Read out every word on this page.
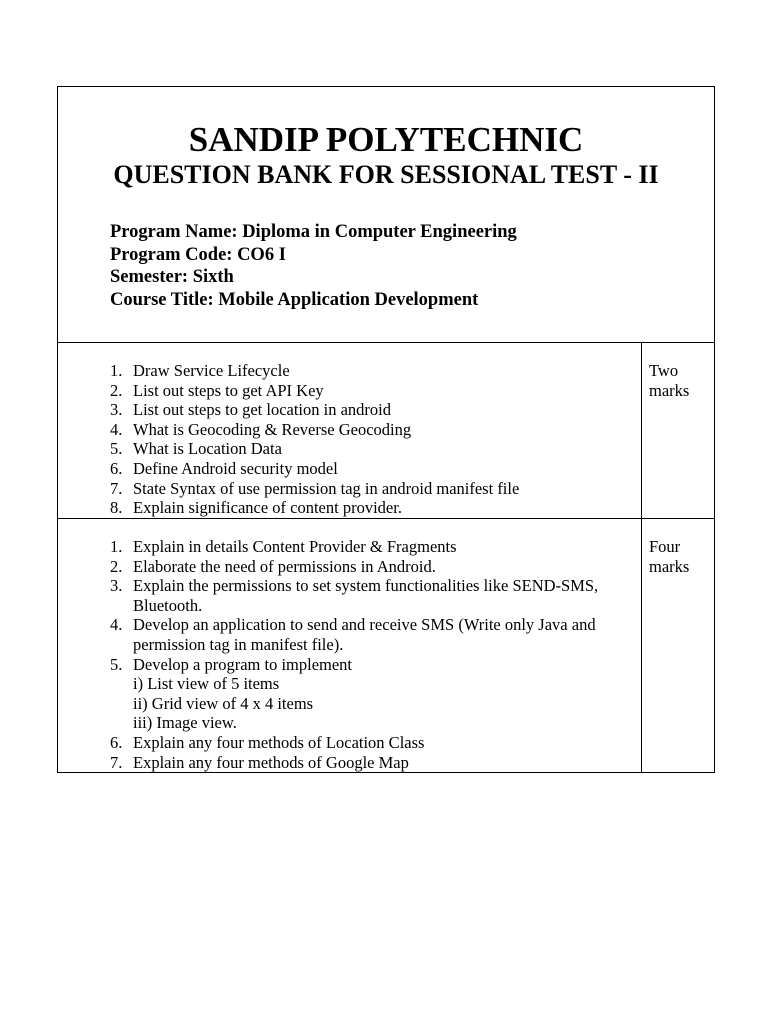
SANDIP POLYTECHNIC
QUESTION BANK FOR SESSIONAL TEST - II
Program Name: Diploma in Computer Engineering
Program Code: CO6 I
Semester: Sixth
Course Title: Mobile Application Development
1. Draw Service Lifecycle
2. List out steps to get API Key
3. List out steps to get location in android
4. What is Geocoding & Reverse Geocoding
5. What is Location Data
6. Define Android security model
7. State Syntax of use permission tag in android manifest file
8. Explain significance of content provider.

Two
marks

1. Explain in details Content Provider & Fragments
2. Elaborate the need of permissions in Android.
3. Explain the permissions to set system functionalities like SEND-SMS, Bluetooth.
4. Develop an application to send and receive SMS (Write only Java and permission tag in manifest file).
5. Develop a program to implement
i) List view of 5 items
ii) Grid view of 4 x 4 items
iii) Image view.
6. Explain any four methods of Location Class
7. Explain any four methods of Google Map

Four
marks
